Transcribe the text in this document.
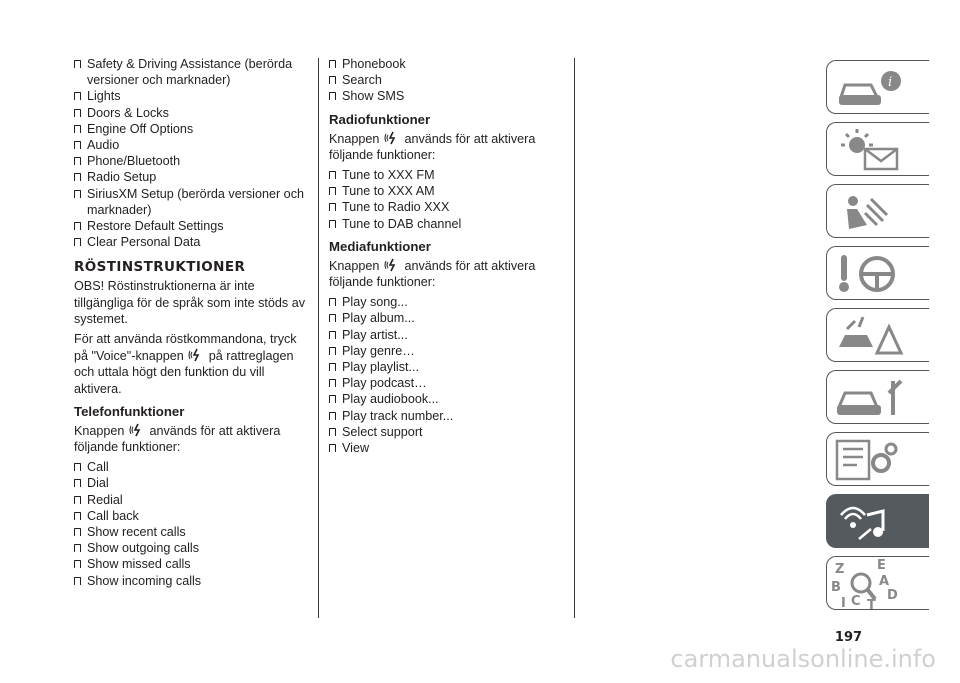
Safety & Driving Assistance (berörda versioner och marknader)
Lights
Doors & Locks
Engine Off Options
Audio
Phone/Bluetooth
Radio Setup
SiriusXM Setup (berörda versioner och marknader)
Restore Default Settings
Clear Personal Data
RÖSTINSTRUKTIONER

OBS! Röstinstruktionerna är inte tillgängliga för de språk som inte stöds av systemet.

För att använda röstkommandona, tryck på "Voice"-knappen på rattreglagen och uttala högt den funktion du vill aktivera.

Telefonfunktioner

Knappen används för att aktivera följande funktioner:

Call
Dial
Redial
Call back
Show recent calls
Show outgoing calls
Show missed calls
Show incoming calls
Phonebook
Search
Show SMS
Radiofunktioner

Knappen används för att aktivera följande funktioner:

Tune to XXX FM
Tune to XXX AM
Tune to Radio XXX
Tune to DAB channel
Mediafunktioner

Knappen används för att aktivera följande funktioner:

Play song...
Play album...
Play artist...
Play genre…
Play playlist...
Play podcast…
Play audiobook...
Play track number...
Select support
View
i
Z	E
A
B
C D
I T
197
carmanualsonline.info
